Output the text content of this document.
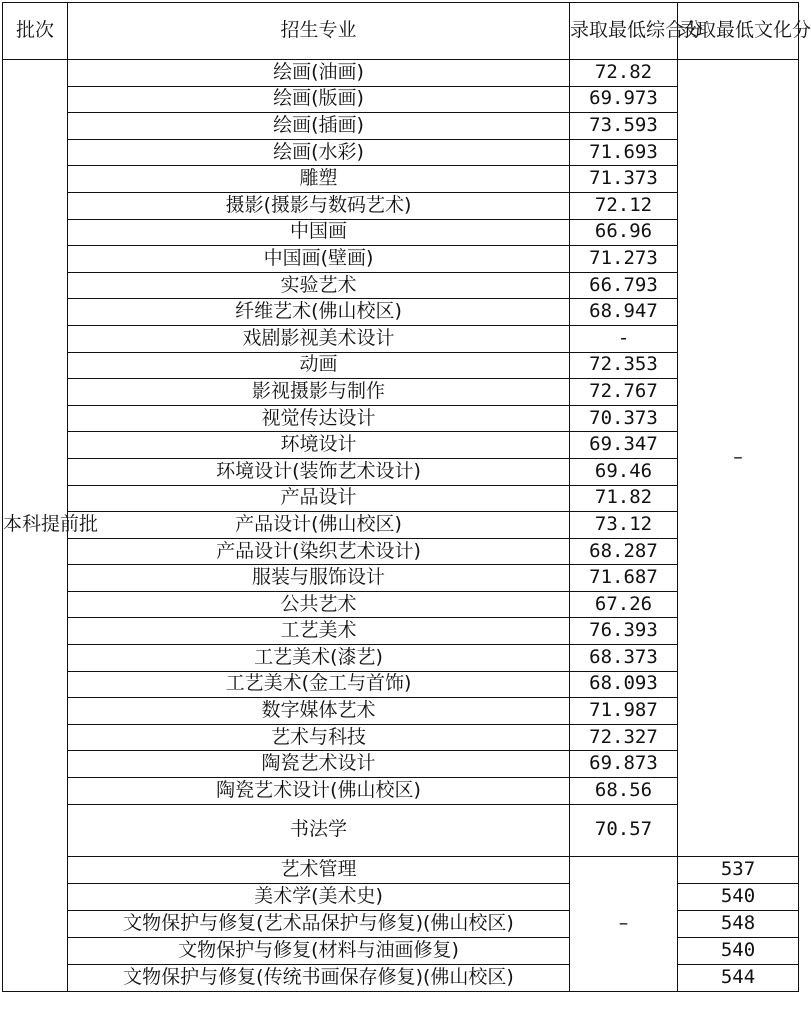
批次	招生专业	录取最低综合分	录取最低文化分
本科提前批	绘画(油画)	72.82	–
	绘画(版画)	69.973	
	绘画(插画)	73.593	
	绘画(水彩)	71.693	
	雕塑	71.373	
	摄影(摄影与数码艺术)	72.12	
	中国画	66.96	
	中国画(壁画)	71.273	
	实验艺术	66.793	
	纤维艺术(佛山校区)	68.947	
	戏剧影视美术设计	-	
	动画	72.353	
	影视摄影与制作	72.767	
	视觉传达设计	70.373	
	环境设计	69.347	
	环境设计(装饰艺术设计)	69.46	
	产品设计	71.82	
	产品设计(佛山校区)	73.12	
	产品设计(染织艺术设计)	68.287	
	服装与服饰设计	71.687	
	公共艺术	67.26	
	工艺美术	76.393	
	工艺美术(漆艺)	68.373	
	工艺美术(金工与首饰)	68.093	
	数字媒体艺术	71.987	
	艺术与科技	72.327	
	陶瓷艺术设计	69.873	
	陶瓷艺术设计(佛山校区)	68.56	
	书法学	70.57	
	艺术管理	–	537
	美术学(美术史)		540
	文物保护与修复(艺术品保护与修复)(佛山校区)		548
	文物保护与修复(材料与油画修复)		540
	文物保护与修复(传统书画保存修复)(佛山校区)		544
